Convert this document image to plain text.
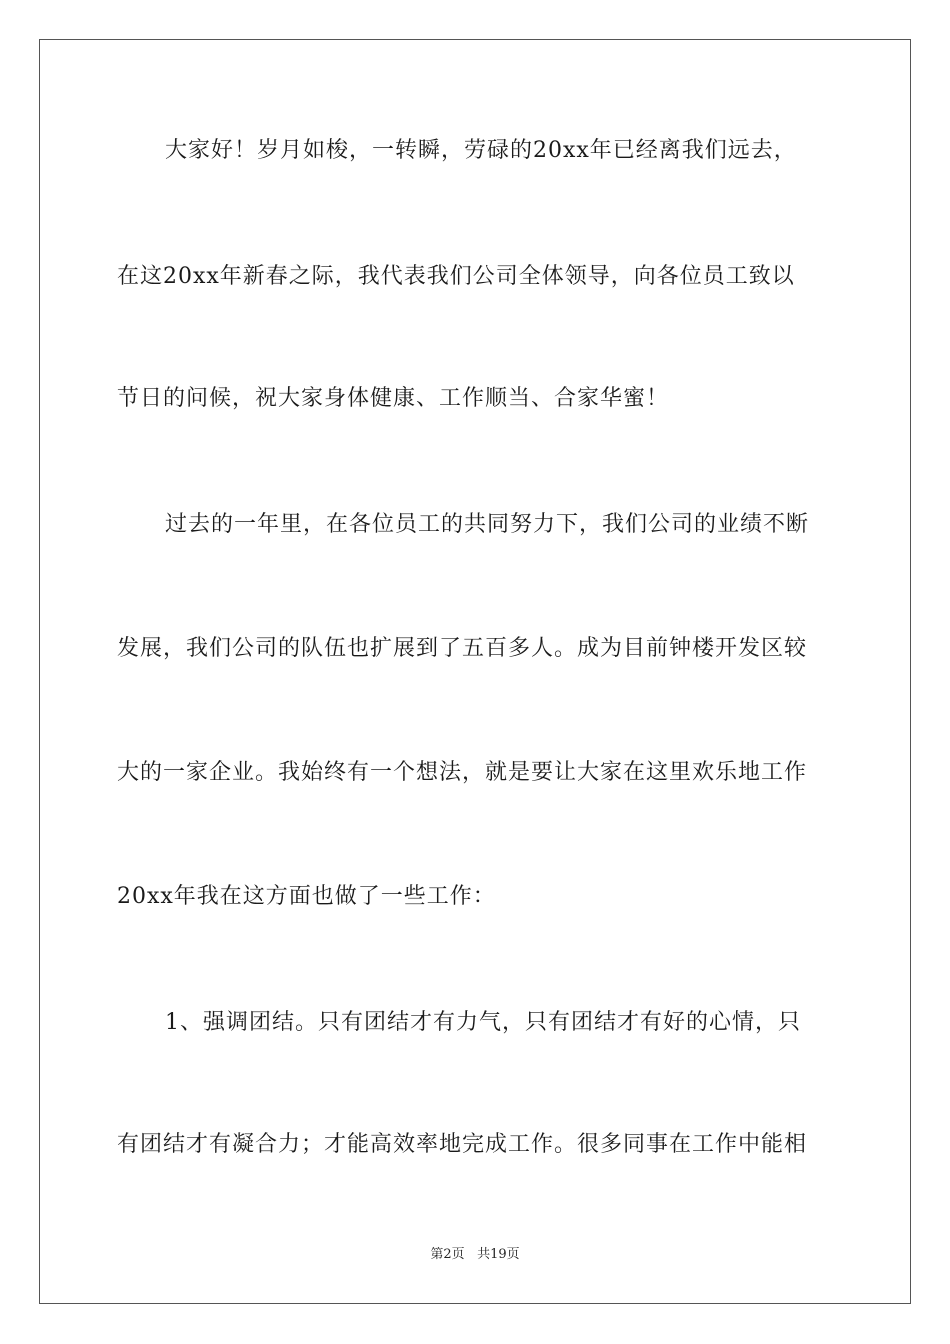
大家好！岁月如梭，一转瞬，劳碌的20xx年已经离我们远去，
在这20xx年新春之际，我代表我们公司全体领导，向各位员工致以
节日的问候，祝大家身体健康、工作顺当、合家华蜜！
过去的一年里，在各位员工的共同努力下，我们公司的业绩不断
发展，我们公司的队伍也扩展到了五百多人。成为目前钟楼开发区较
大的一家企业。我始终有一个想法，就是要让大家在这里欢乐地工作
20xx年我在这方面也做了一些工作：
1、强调团结。只有团结才有力气，只有团结才有好的心情，只
有团结才有凝合力；才能高效率地完成工作。很多同事在工作中能相
第2页 共19页
